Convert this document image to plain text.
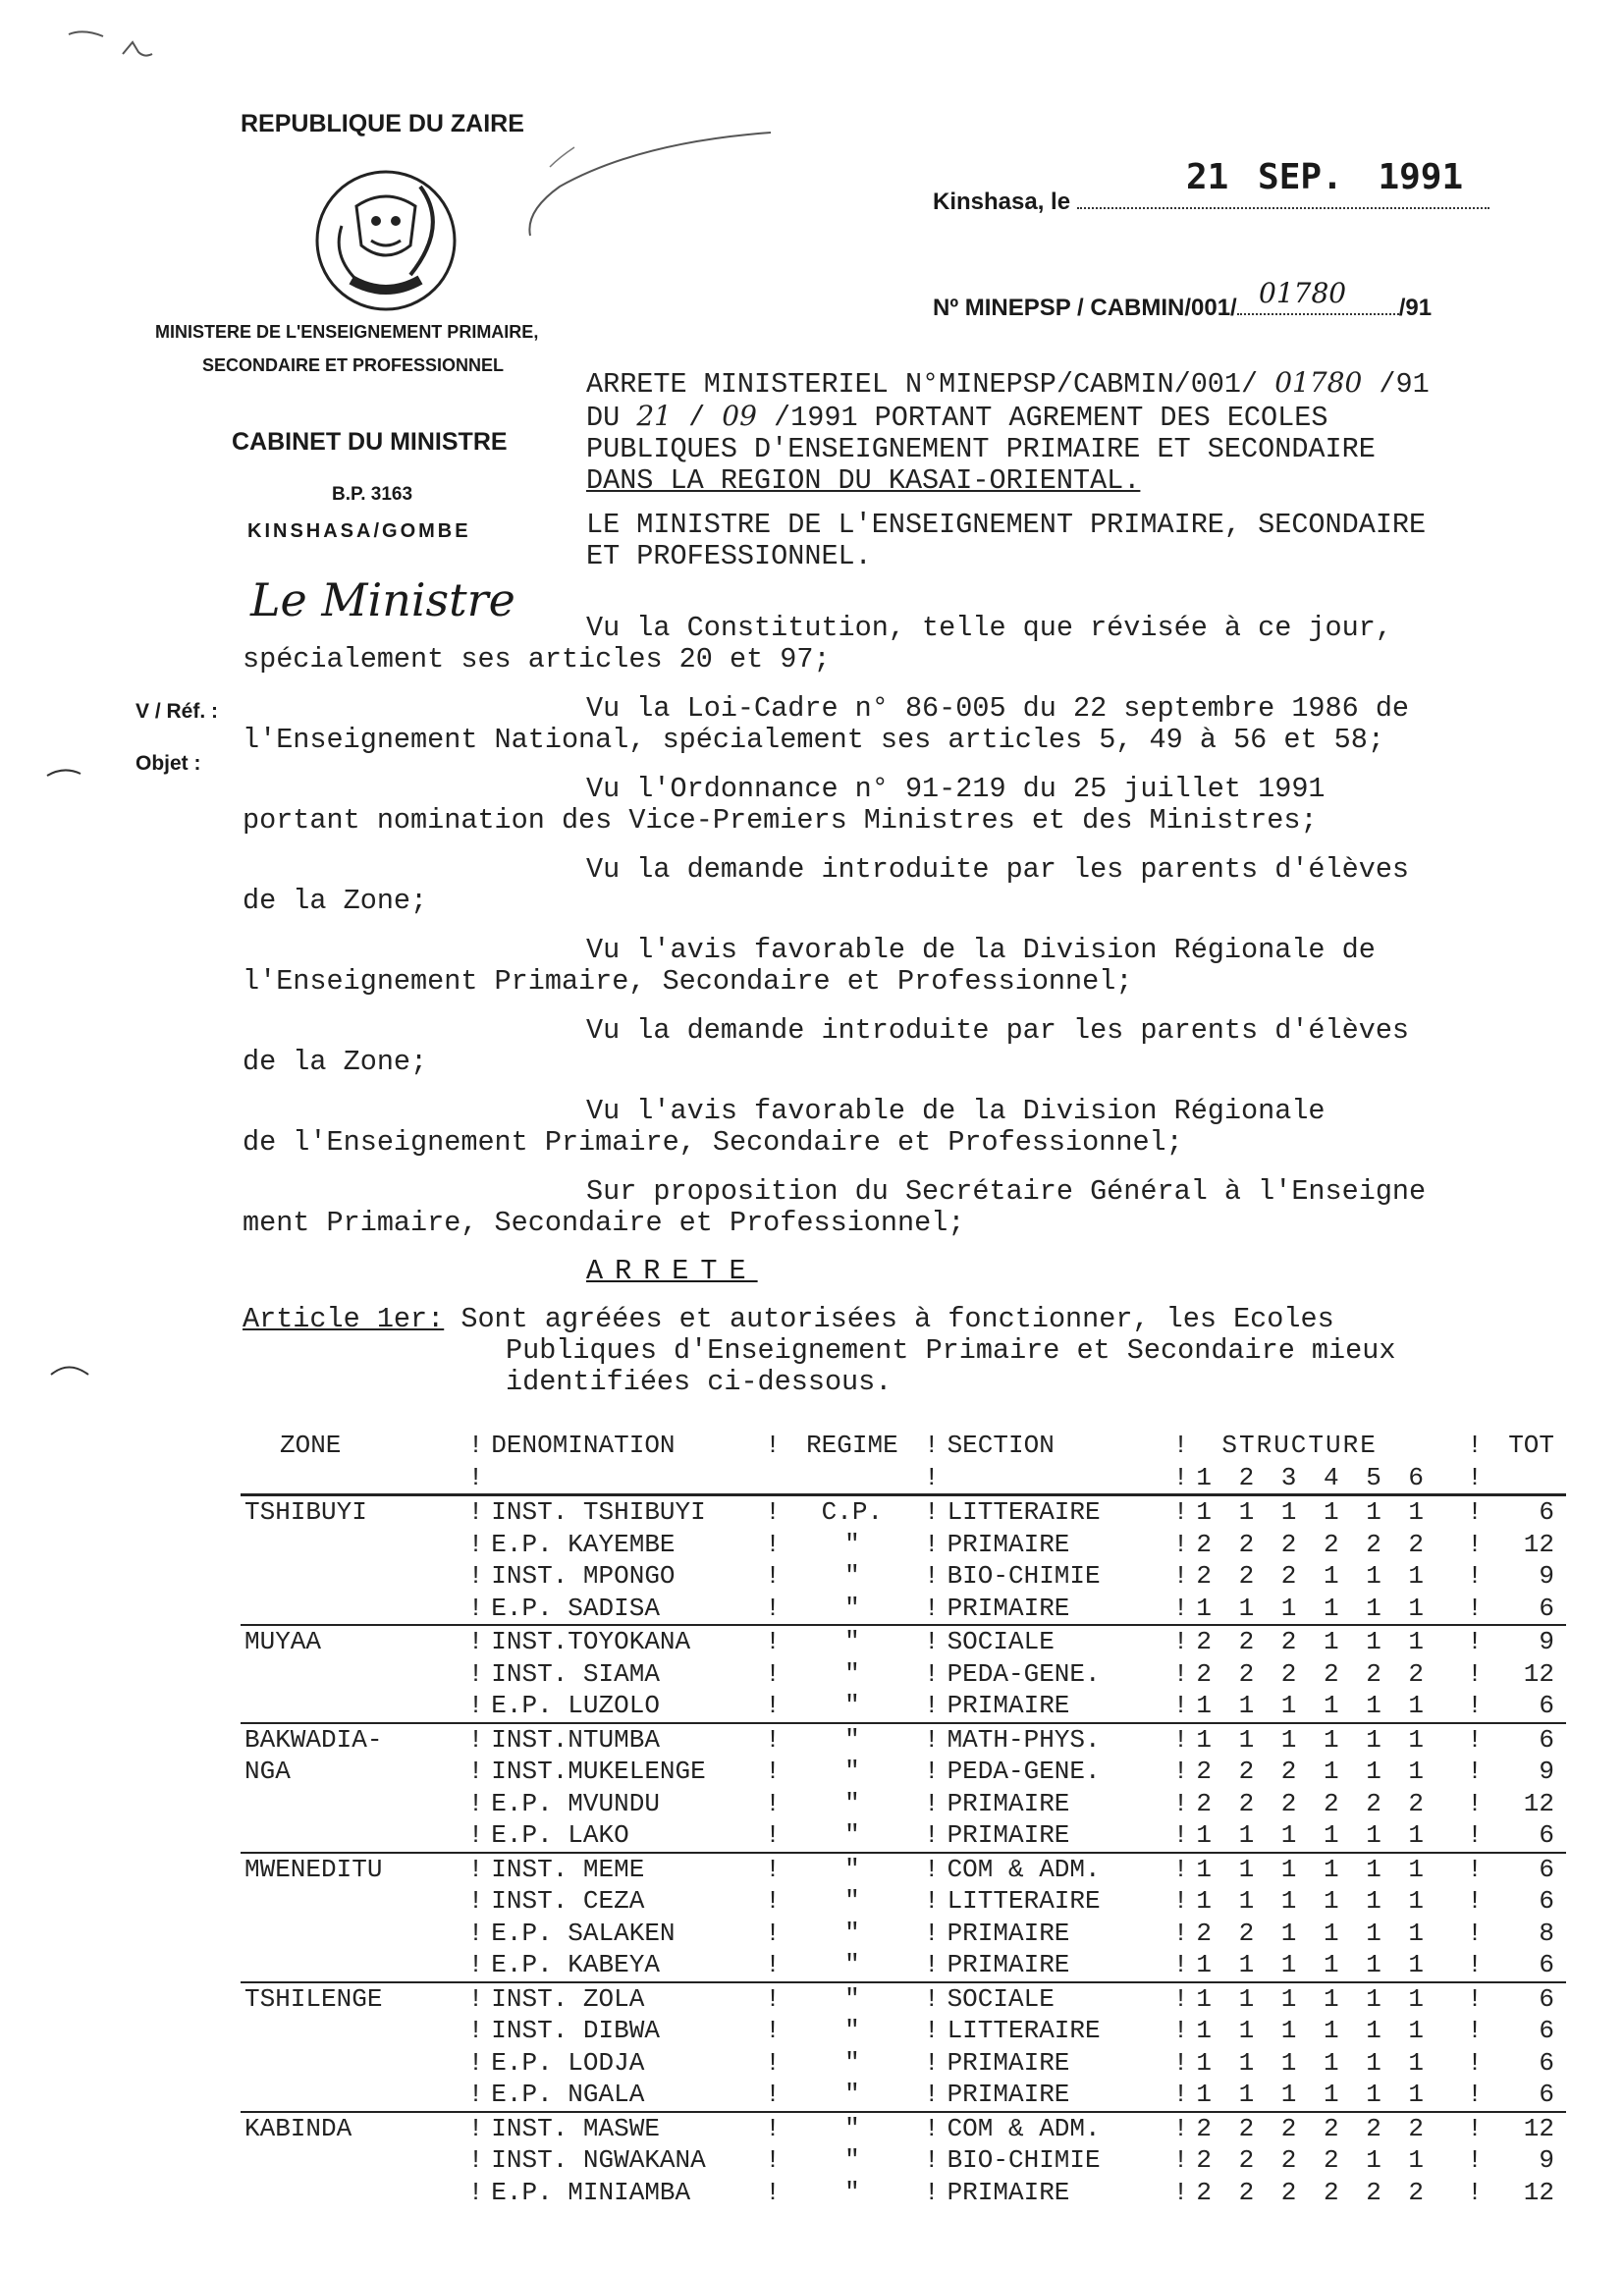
REPUBLIQUE DU ZAIRE
MINISTERE DE L'ENSEIGNEMENT PRIMAIRE,
SECONDAIRE ET PROFESSIONNEL
CABINET DU MINISTRE
B.P. 3163
KINSHASA/GOMBE
Le Ministre
V / Réf. :
Objet :
Kinshasa, le
21 SEP. 1991
Nº MINEPSP / CABMIN/001/	/91
01780
ARRETE MINISTERIEL N°MINEPSP/CABMIN/001/ 01780 /91
DU 21 / 09 /1991 PORTANT AGREMENT DES ECOLES
PUBLIQUES D'ENSEIGNEMENT PRIMAIRE ET SECONDAIRE
DANS LA REGION DU KASAI-ORIENTAL.
LE MINISTRE DE L'ENSEIGNEMENT PRIMAIRE, SECONDAIRE
ET PROFESSIONNEL.
Vu la Constitution, telle que révisée à ce jour,
spécialement ses articles 20 et 97;
Vu la Loi-Cadre n° 86-005 du 22 septembre 1986 de
l'Enseignement National, spécialement ses articles 5, 49 à 56 et 58;
Vu l'Ordonnance n° 91-219 du 25 juillet 1991
portant nomination des Vice-Premiers Ministres et des Ministres;
Vu la demande introduite par les parents d'élèves
de la Zone;
Vu l'avis favorable de la Division Régionale de
l'Enseignement Primaire, Secondaire et Professionnel;
Vu la demande introduite par les parents d'élèves
de la Zone;
Vu l'avis favorable de la Division Régionale
de l'Enseignement Primaire, Secondaire et Professionnel;
Sur proposition du Secrétaire Général à l'Enseigne
ment Primaire, Secondaire et Professionnel;
ARRETE
Article 1er: Sont agréées et autorisées à fonctionner, les Ecoles
Publiques d'Enseignement Primaire et Secondaire mieux
identifiées ci-dessous.
ZONE	!	DENOMINATION	!	REGIME	!	SECTION	!	STRUCTURE	!	TOT
	!				!		!	1 2 3 4 5 6	!	
TSHIBUYI	!	INST. TSHIBUYI	!	C.P.	!	LITTERAIRE	!	1 1 1 1 1 1	!	6
	!	E.P. KAYEMBE	!	"	!	PRIMAIRE	!	2 2 2 2 2 2	!	12
	!	INST. MPONGO	!	"	!	BIO-CHIMIE	!	2 2 2 1 1 1	!	9
	!	E.P. SADISA	!	"	!	PRIMAIRE	!	1 1 1 1 1 1	!	6
MUYAA	!	INST.TOYOKANA	!	"	!	SOCIALE	!	2 2 2 1 1 1	!	9
	!	INST. SIAMA	!	"	!	PEDA-GENE.	!	2 2 2 2 2 2	!	12
	!	E.P. LUZOLO	!	"	!	PRIMAIRE	!	1 1 1 1 1 1	!	6
BAKWADIA-	!	INST.NTUMBA	!	"	!	MATH-PHYS.	!	1 1 1 1 1 1	!	6
NGA	!	INST.MUKELENGE	!	"	!	PEDA-GENE.	!	2 2 2 1 1 1	!	9
	!	E.P. MVUNDU	!	"	!	PRIMAIRE	!	2 2 2 2 2 2	!	12
	!	E.P. LAKO	!	"	!	PRIMAIRE	!	1 1 1 1 1 1	!	6
MWENEDITU	!	INST. MEME	!	"	!	COM & ADM.	!	1 1 1 1 1 1	!	6
	!	INST. CEZA	!	"	!	LITTERAIRE	!	1 1 1 1 1 1	!	6
	!	E.P. SALAKEN	!	"	!	PRIMAIRE	!	2 2 1 1 1 1	!	8
	!	E.P. KABEYA	!	"	!	PRIMAIRE	!	1 1 1 1 1 1	!	6
TSHILENGE	!	INST. ZOLA	!	"	!	SOCIALE	!	1 1 1 1 1 1	!	6
	!	INST. DIBWA	!	"	!	LITTERAIRE	!	1 1 1 1 1 1	!	6
	!	E.P. LODJA	!	"	!	PRIMAIRE	!	1 1 1 1 1 1	!	6
	!	E.P. NGALA	!	"	!	PRIMAIRE	!	1 1 1 1 1 1	!	6
KABINDA	!	INST. MASWE	!	"	!	COM & ADM.	!	2 2 2 2 2 2	!	12
	!	INST. NGWAKANA	!	"	!	BIO-CHIMIE	!	2 2 2 2 1 1	!	9
	!	E.P. MINIAMBA	!	"	!	PRIMAIRE	!	2 2 2 2 2 2	!	12
